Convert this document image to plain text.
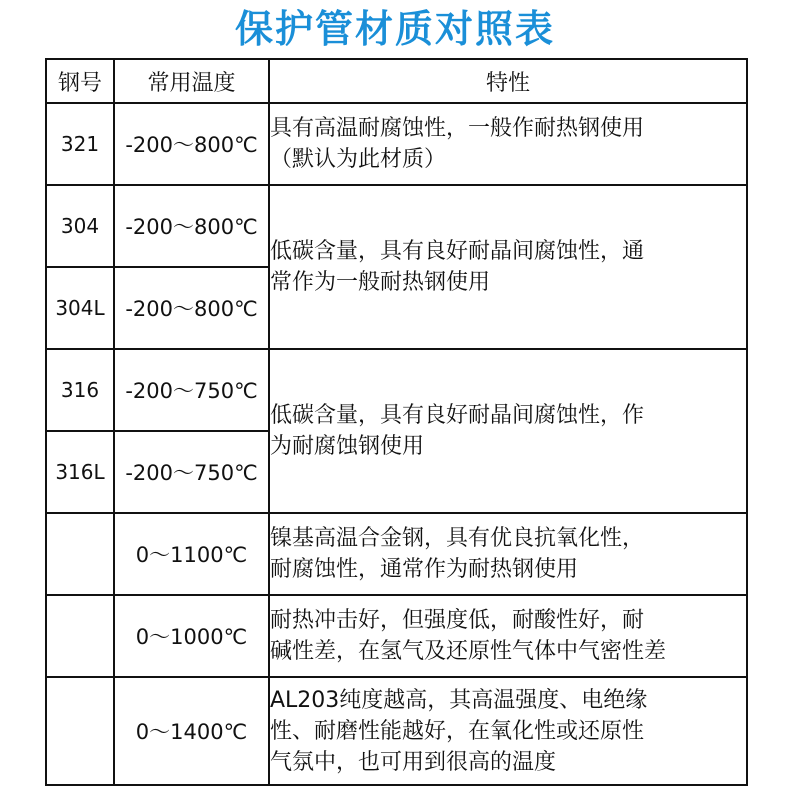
保护管材质对照表
钢号	常用温度	特性
321	-200～800℃	具有高温耐腐蚀性，一般作耐热钢使用
（默认为此材质）

304	-200～800℃	低碳含量，具有良好耐晶间腐蚀性，通
常作为一般耐热钢使用

304L	-200～800℃	
316	-200～750℃	低碳含量，具有良好耐晶间腐蚀性，作
为耐腐蚀钢使用

316L	-200～750℃	
	0～1100℃	镍基高温合金钢，具有优良抗氧化性，
耐腐蚀性，通常作为耐热钢使用

	0～1000℃	耐热冲击好，但强度低，耐酸性好，耐
碱性差，在氢气及还原性气体中气密性差

	0～1400℃	AL203纯度越高，其高温强度、电绝缘
性、耐磨性能越好，在氧化性或还原性
气氛中，也可用到很高的温度
